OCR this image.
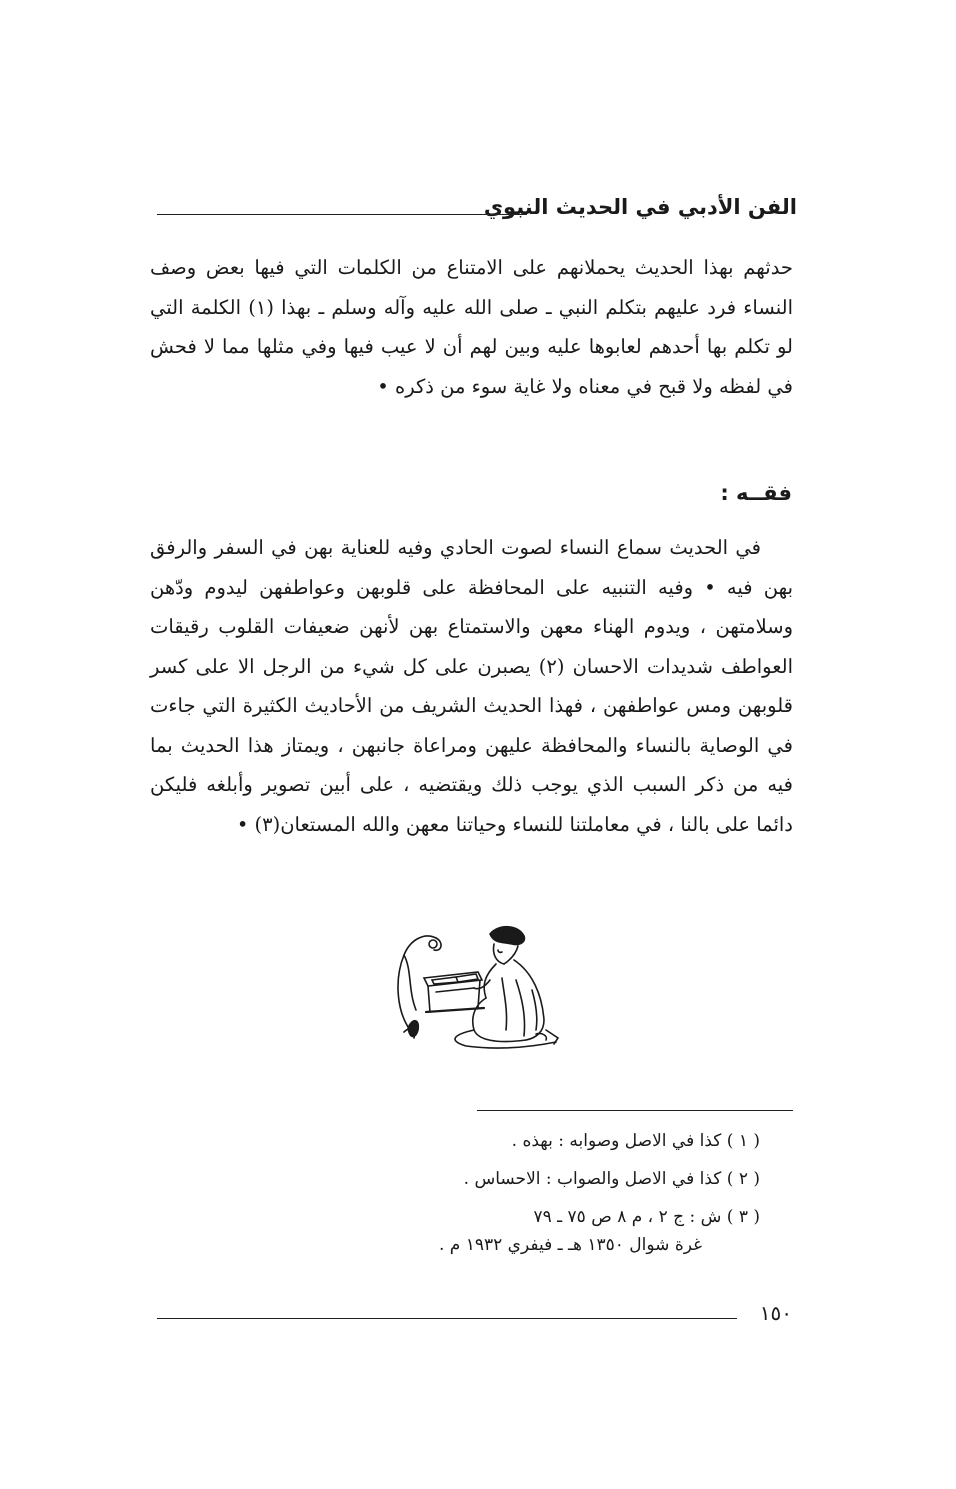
الفن الأدبي في الحديث النبوي

حدثهم بهذا الحديث يحملانهم على الامتناع من الكلمات التي فيها بعض وصف النساء فرد عليهم بتكلم النبي ـ صلى الله عليه وآله وسلم ـ بهذا (١) الكلمة التي لو تكلم بها أحدهم لعابوها عليه وبين لهم أن لا عيب فيها وفي مثلها مما لا فحش في لفظه ولا قبح في معناه ولا غاية سوء من ذكره •

فقــه :

في الحديث سماع النساء لصوت الحادي وفيه للعناية بهن في السفر والرفق بهن فيه • وفيه التنبيه على المحافظة على قلوبهن وعواطفهن ليدوم ودّهن وسلامتهن ، ويدوم الهناء معهن والاستمتاع بهن لأنهن ضعيفات القلوب رقيقات العواطف شديدات الاحسان (٢) يصبرن على كل شيء من الرجل الا على كسر قلوبهن ومس عواطفهن ، فهذا الحديث الشريف من الأحاديث الكثيرة التي جاءت في الوصاية بالنساء والمحافظة عليهن ومراعاة جانبهن ، ويمتاز هذا الحديث بما فيه من ذكر السبب الذي يوجب ذلك ويقتضيه ، على أبين تصوير وأبلغه فليكن دائما على بالنا ، في معاملتنا للنساء وحياتنا معهن والله المستعان(٣) •

( ١ ) كذا في الاصل وصوابه : بهذه .
( ٢ ) كذا في الاصل والصواب : الاحساس .
( ٣ ) ش : ج ٢ ، م ٨ ص ٧٥ ـ ٧٩
غرة شوال ١٣٥٠ هـ ـ فيفري ١٩٣٢ م .
١٥٠
